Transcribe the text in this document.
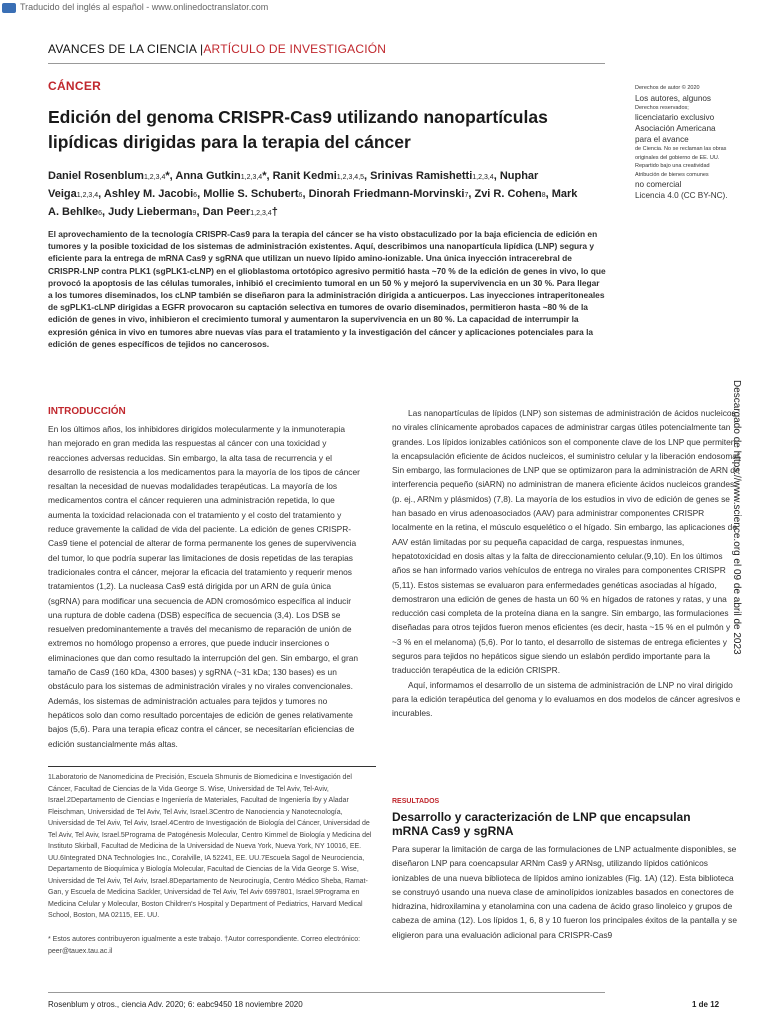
Traducido del inglés al español - www.onlinedoctranslator.com
AVANCES DE LA CIENCIA |ARTÍCULO DE INVESTIGACIÓN
CÁNCER
Edición del genoma CRISPR-Cas9 utilizando nanopartículas lipídicas dirigidas para la terapia del cáncer
Daniel Rosenblum1,2,3,4*, Anna Gutkin1,2,3,4*, Ranit Kedmi1,2,3,4,5, Srinivas Ramishetti1,2,3,4, Nuphar Veiga1,2,3,4, Ashley M. Jacobi6, Mollie S. Schubert6, Dinorah Friedmann-Morvinski7, Zvi R. Cohen8, Mark A. Behlke6, Judy Lieberman9, Dan Peer1,2,3,4†
El aprovechamiento de la tecnología CRISPR-Cas9 para la terapia del cáncer se ha visto obstaculizado por la baja eficiencia de edición en tumores y la posible toxicidad de los sistemas de administración existentes. Aquí, describimos una nanopartícula lipídica (LNP) segura y eficiente para la entrega de mRNA Cas9 y sgRNA que utilizan un nuevo lípido amino-ionizable. Una única inyección intracerebral de CRISPR-LNP contra PLK1 (sgPLK1-cLNP) en el glioblastoma ortotópico agresivo permitió hasta ~70 % de la edición de genes in vivo, lo que provocó la apoptosis de las células tumorales, inhibió el crecimiento tumoral en un 50 % y mejoró la supervivencia en un 30 %. Para llegar a los tumores diseminados, los cLNP también se diseñaron para la administración dirigida a anticuerpos. Las inyecciones intraperitoneales de sgPLK1-cLNP dirigidas a EGFR provocaron su captación selectiva en tumores de ovario diseminados, permitieron hasta ~80 % de la edición de genes in vivo, inhibieron el crecimiento tumoral y aumentaron la supervivencia en un 80 %. La capacidad de interrumpir la expresión génica in vivo en tumores abre nuevas vías para el tratamiento y la investigación del cáncer y aplicaciones potenciales para la edición de genes específicos de tejidos no cancerosos.
Derechos de autor © 2020
Los autores, algunos
Derechos reservados;
licenciatario exclusivo
Asociación Americana
para el avance
de Ciencia. No se reclaman las obras originales del gobierno de EE. UU. Repartido bajo una creatividad Atribución de bienes comunes
no comercial
Licencia 4.0 (CC BY-NC).
Descargado de https://www.science.org el 09 de abril de 2023
INTRODUCCIÓN

En los últimos años, los inhibidores dirigidos molecularmente y la inmunoterapia han mejorado en gran medida las respuestas al cáncer con una toxicidad y reacciones adversas reducidas. Sin embargo, la alta tasa de recurrencia y el desarrollo de resistencia a los medicamentos para la mayoría de los tipos de cáncer resaltan la necesidad de nuevas modalidades terapéuticas. La mayoría de los medicamentos contra el cáncer requieren una administración repetida, lo que aumenta la toxicidad relacionada con el tratamiento y el costo del tratamiento y reduce gravemente la calidad de vida del paciente. La edición de genes CRISPR-Cas9 tiene el potencial de alterar de forma permanente los genes de supervivencia del tumor, lo que podría superar las limitaciones de dosis repetidas de las terapias tradicionales contra el cáncer, mejorar la eficacia del tratamiento y requerir menos tratamientos (1,2). La nucleasa Cas9 está dirigida por un ARN de guía única (sgRNA) para modificar una secuencia de ADN cromosómico específica al inducir una ruptura de doble cadena (DSB) específica de secuencia (3,4). Los DSB se resuelven predominantemente a través del mecanismo de reparación de unión de extremos no homólogo propenso a errores, que puede inducir inserciones o eliminaciones que dan como resultado la interrupción del gen. Sin embargo, el gran tamaño de Cas9 (160 kDa, 4300 bases) y sgRNA (~31 kDa; 130 bases) es un obstáculo para los sistemas de administración virales y no virales convencionales. Además, los sistemas de administración actuales para tejidos y tumores no hepáticos solo dan como resultado porcentajes de edición de genes relativamente bajos (5,6). Para una terapia eficaz contra el cáncer, se necesitarían eficiencias de edición sustancialmente más altas.

Las nanopartículas de lípidos (LNP) son sistemas de administración de ácidos nucleicos no virales clínicamente aprobados capaces de administrar cargas útiles potencialmente tan grandes. Los lípidos ionizables catiónicos son el componente clave de los LNP que permiten la encapsulación eficiente de ácidos nucleicos, el suministro celular y la liberación endosomal. Sin embargo, las formulaciones de LNP que se optimizaron para la administración de ARN de interferencia pequeño (siARN) no administran de manera eficiente ácidos nucleicos grandes (p. ej., ARNm y plásmidos) (7,8). La mayoría de los estudios in vivo de edición de genes se han basado en virus adenoasociados (AAV) para administrar componentes CRISPR localmente en la retina, el músculo esquelético o el hígado. Sin embargo, las aplicaciones de AAV están limitadas por su pequeña capacidad de carga, respuestas inmunes, hepatotoxicidad en dosis altas y la falta de direccionamiento celular.(9,10). En los últimos años se han informado varios vehículos de entrega no virales para componentes CRISPR (5,11). Estos sistemas se evaluaron para enfermedades genéticas asociadas al hígado, demostraron una edición de genes de hasta un 60 % en hígados de ratones y ratas, y una reducción casi completa de la proteína diana en la sangre. Sin embargo, las formulaciones diseñadas para otros tejidos fueron menos eficientes (es decir, hasta ~15 % en el pulmón y ~3 % en el melanoma) (5,6). Por lo tanto, el desarrollo de sistemas de entrega eficientes y seguros para tejidos no hepáticos sigue siendo un eslabón perdido importante para la traducción terapéutica de la edición CRISPR.

Aquí, informamos el desarrollo de un sistema de administración de LNP no viral dirigido para la edición terapéutica del genoma y lo evaluamos en dos modelos de cáncer agresivos e incurables.

1Laboratorio de Nanomedicina de Precisión, Escuela Shmunis de Biomedicina e Investigación del Cáncer, Facultad de Ciencias de la Vida George S. Wise, Universidad de Tel Aviv, Tel-Aviv, Israel.2Departamento de Ciencias e Ingeniería de Materiales, Facultad de Ingeniería Iby y Aladar Fleischman, Universidad de Tel Aviv, Tel Aviv, Israel.3Centro de Nanociencia y Nanotecnología, Universidad de Tel Aviv, Tel Aviv, Israel.4Centro de Investigación de Biología del Cáncer, Universidad de Tel Aviv, Tel Aviv, Israel.5Programa de Patogénesis Molecular, Centro Kimmel de Biología y Medicina del Instituto Skirball, Facultad de Medicina de la Universidad de Nueva York, Nueva York, NY 10016, EE. UU.6Integrated DNA Technologies Inc., Coralville, IA 52241, EE. UU.7Escuela Sagol de Neurociencia, Departamento de Bioquímica y Biología Molecular, Facultad de Ciencias de la Vida George S. Wise, Universidad de Tel Aviv, Tel Aviv, Israel.8Departamento de Neurocirugía, Centro Médico Sheba, Ramat-Gan, y Escuela de Medicina Sackler, Universidad de Tel Aviv, Tel Aviv 6997801, Israel.9Programa en Medicina Celular y Molecular, Boston Children's Hospital y Department of Pediatrics, Harvard Medical School, Boston, MA 02115, EE. UU.
* Estos autores contribuyeron igualmente a este trabajo. †Autor correspondiente. Correo electrónico: peer@tauex.tau.ac.il
RESULTADOS
Desarrollo y caracterización de LNP que encapsulan mRNA Cas9 y sgRNA
Para superar la limitación de carga de las formulaciones de LNP actualmente disponibles, se diseñaron LNP para coencapsular ARNm Cas9 y ARNsg, utilizando lípidos catiónicos ionizables de una nueva biblioteca de lípidos amino ionizables (Fig. 1A) (12). Esta biblioteca se construyó usando una nueva clase de aminolípidos ionizables basados en conectores de hidrazina, hidroxilamina y etanolamina con una cadena de ácido graso linoleico y grupos de cabeza de amina (12). Los lípidos 1, 6, 8 y 10 fueron los principales éxitos de la pantalla y se eligieron para una evaluación adicional para CRISPR-Cas9
Rosenblum y otros., ciencia Adv. 2020; 6: eabc9450 18 noviembre 2020	1 de 12
